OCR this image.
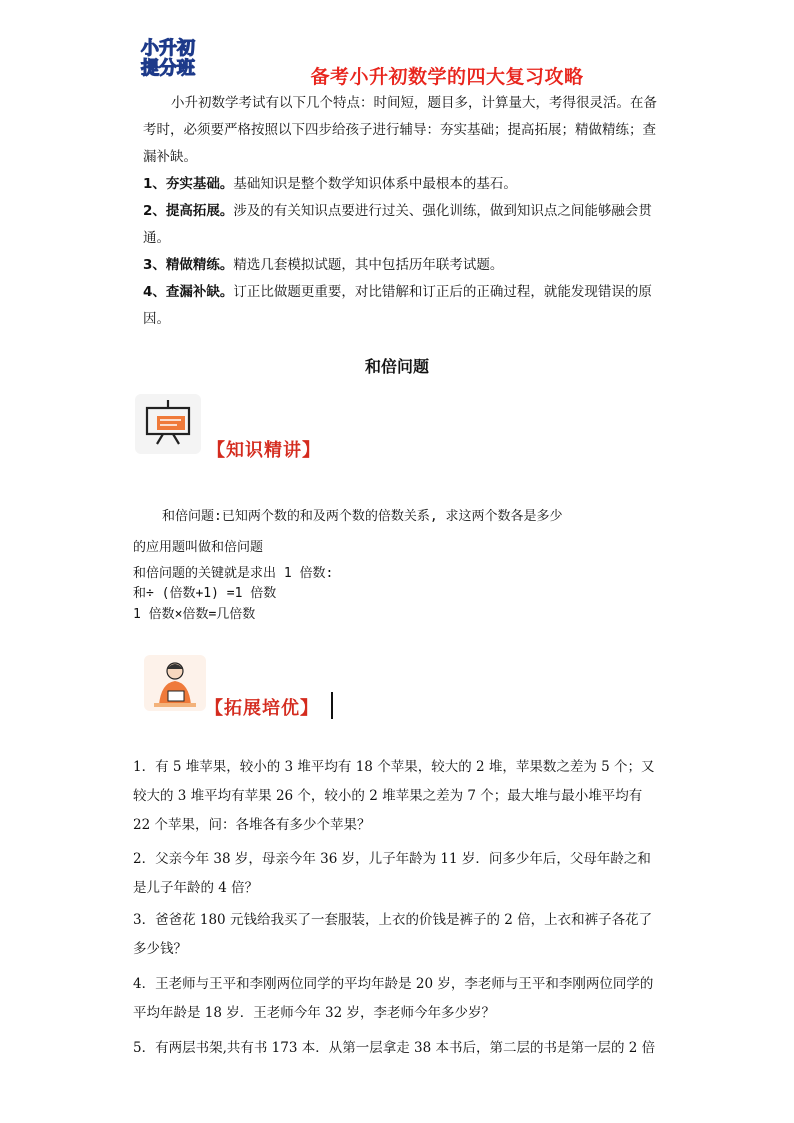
小升初
提分班	备考小升初数学的四大复习攻略
小升初数学考试有以下几个特点：时间短，题目多，计算量大，考得很灵活。在备考时，必须要严格按照以下四步给孩子进行辅导：夯实基础；提高拓展；精做精练；查漏补缺。
1、夯实基础。基础知识是整个数学知识体系中最根本的基石。
2、提高拓展。涉及的有关知识点要进行过关、强化训练，做到知识点之间能够融会贯通。
3、精做精练。精选几套模拟试题，其中包括历年联考试题。
4、查漏补缺。订正比做题更重要，对比错解和订正后的正确过程，就能发现错误的原因。
和倍问题
【知识精讲】
和倍问题:已知两个数的和及两个数的倍数关系, 求这两个数各是多少
的应用题叫做和倍问题
和倍问题的关键就是求出 1 倍数:
和÷ (倍数+1) =1 倍数
1 倍数×倍数=几倍数
【拓展培优】
1．有 5 堆苹果，较小的 3 堆平均有 18 个苹果，较大的 2 堆，苹果数之差为 5 个；又较大的 3 堆平均有苹果 26 个，较小的 2 堆苹果之差为 7 个；最大堆与最小堆平均有 22 个苹果，问：各堆各有多少个苹果？
2．父亲今年 38 岁，母亲今年 36 岁，儿子年龄为 11 岁．问多少年后，父母年龄之和是儿子年龄的 4 倍？
3．爸爸花 180 元钱给我买了一套服装，上衣的价钱是裤子的 2 倍，上衣和裤子各花了多少钱？
4．王老师与王平和李刚两位同学的平均年龄是 20 岁，李老师与王平和李刚两位同学的平均年龄是 18 岁．王老师今年 32 岁，李老师今年多少岁？
5．有两层书架,共有书 173 本．从第一层拿走 38 本书后，第二层的书是第一层的 2 倍
